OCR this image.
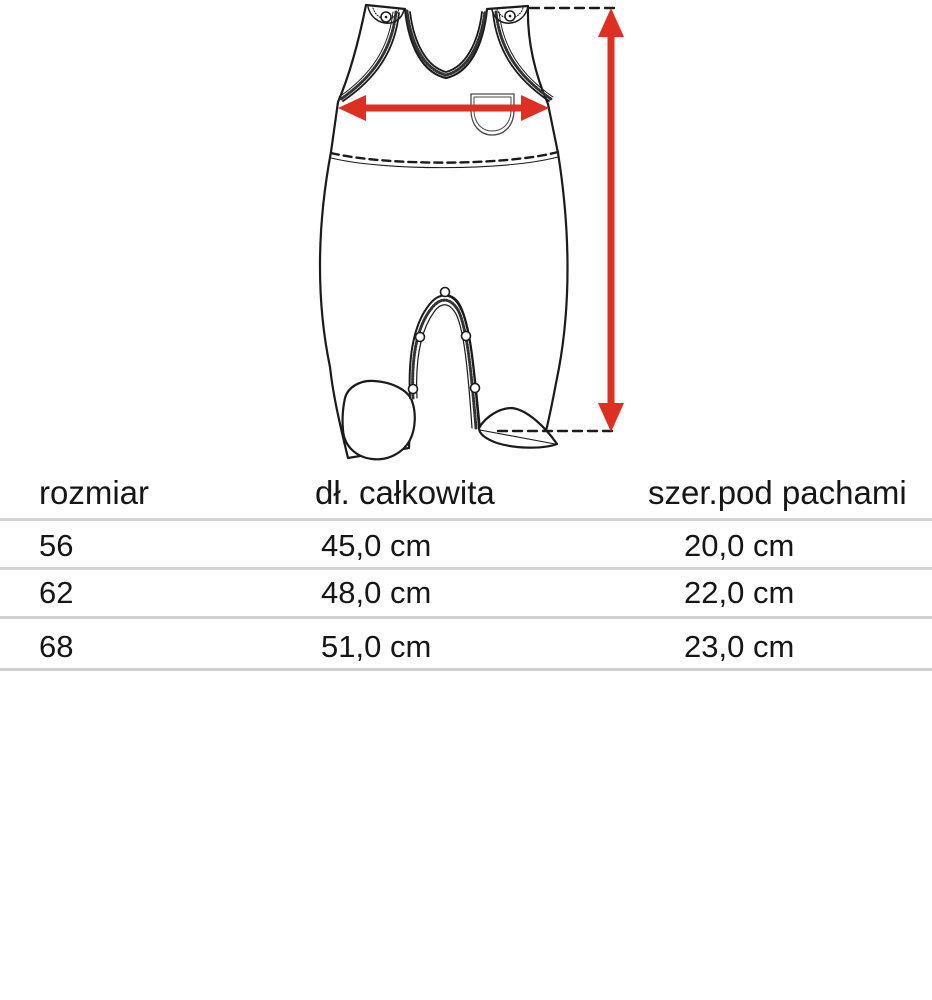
rozmiar	dł. całkowita	szer.pod pachami
56	45,0 cm	20,0 cm
62	48,0 cm	22,0 cm
68	51,0 cm	23,0 cm
